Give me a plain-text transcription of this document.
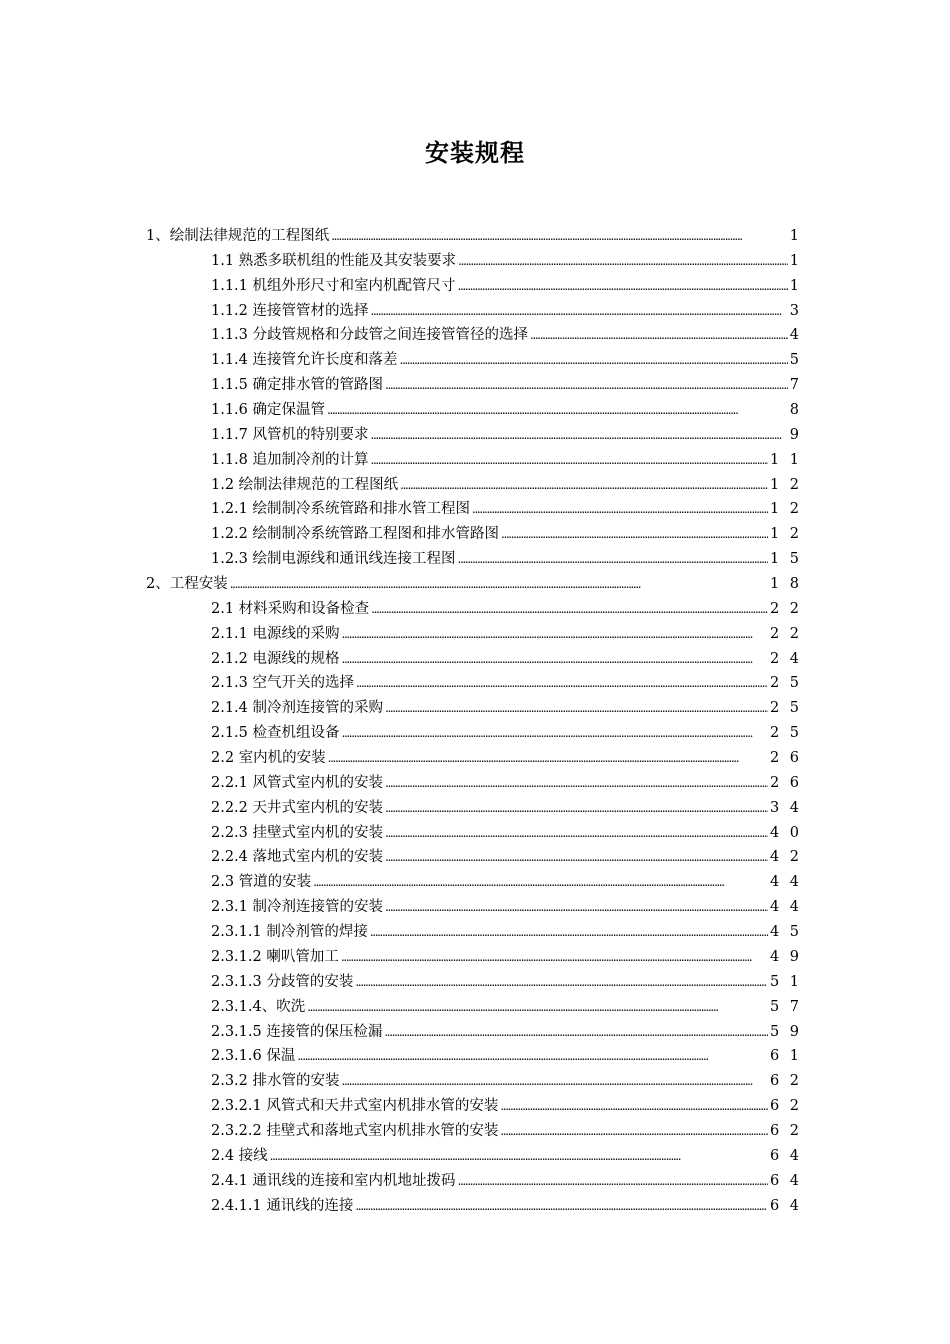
安装规程
1、绘制法律规范的工程图纸 . . .	1
1.1 熟悉多联机组的性能及其安装要求 . . .	1
1.1.1 机组外形尺寸和室内机配管尺寸 . . .	1
1.1.2 连接管管材的选择 . . .	3
1.1.3 分歧管规格和分歧管之间连接管管径的选择 . . .	4
1.1.4 连接管允许长度和落差 . . .	5
1.1.5 确定排水管的管路图 . . .	7
1.1.6 确定保温管 . . .	8
1.1.7 风管机的特别要求 . . .	9
1.1.8 追加制冷剂的计算 . . .	1 1
1.2 绘制法律规范的工程图纸 . . .	1 2
1.2.1 绘制制冷系统管路和排水管工程图 . . .	1 2
1.2.2 绘制制冷系统管路工程图和排水管路图 . . .	1 2
1.2.3 绘制电源线和通讯线连接工程图 . . .	1 5
2、工程安装 . . .	1 8
2.1 材料采购和设备检查 . . .	2 2
2.1.1 电源线的采购 . . .	2 2
2.1.2 电源线的规格 . . .	2 4
2.1.3 空气开关的选择 . . .	2 5
2.1.4 制冷剂连接管的采购 . . .	2 5
2.1.5 检查机组设备 . . .	2 5
2.2 室内机的安装 . . .	2 6
2.2.1 风管式室内机的安装 . . .	2 6
2.2.2 天井式室内机的安装 . . .	3 4
2.2.3 挂壁式室内机的安装 . . .	4 0
2.2.4 落地式室内机的安装 . . .	4 2
2.3 管道的安装 . . .	4 4
2.3.1 制冷剂连接管的安装 . . .	4 4
2.3.1.1 制冷剂管的焊接 . . .	4 5
2.3.1.2 喇叭管加工 . . .	4 9
2.3.1.3 分歧管的安装 . . .	5 1
2.3.1.4、吹洗 . . .	5 7
2.3.1.5 连接管的保压检漏 . . .	5 9
2.3.1.6 保温 . . .	6 1
2.3.2 排水管的安装 . . .	6 2
2.3.2.1 风管式和天井式室内机排水管的安装 . . .	6 2
2.3.2.2 挂壁式和落地式室内机排水管的安装 . . .	6 2
2.4 接线 . . .	6 4
2.4.1 通讯线的连接和室内机地址拨码 . . .	6 4
2.4.1.1 通讯线的连接 . . .	6 4
